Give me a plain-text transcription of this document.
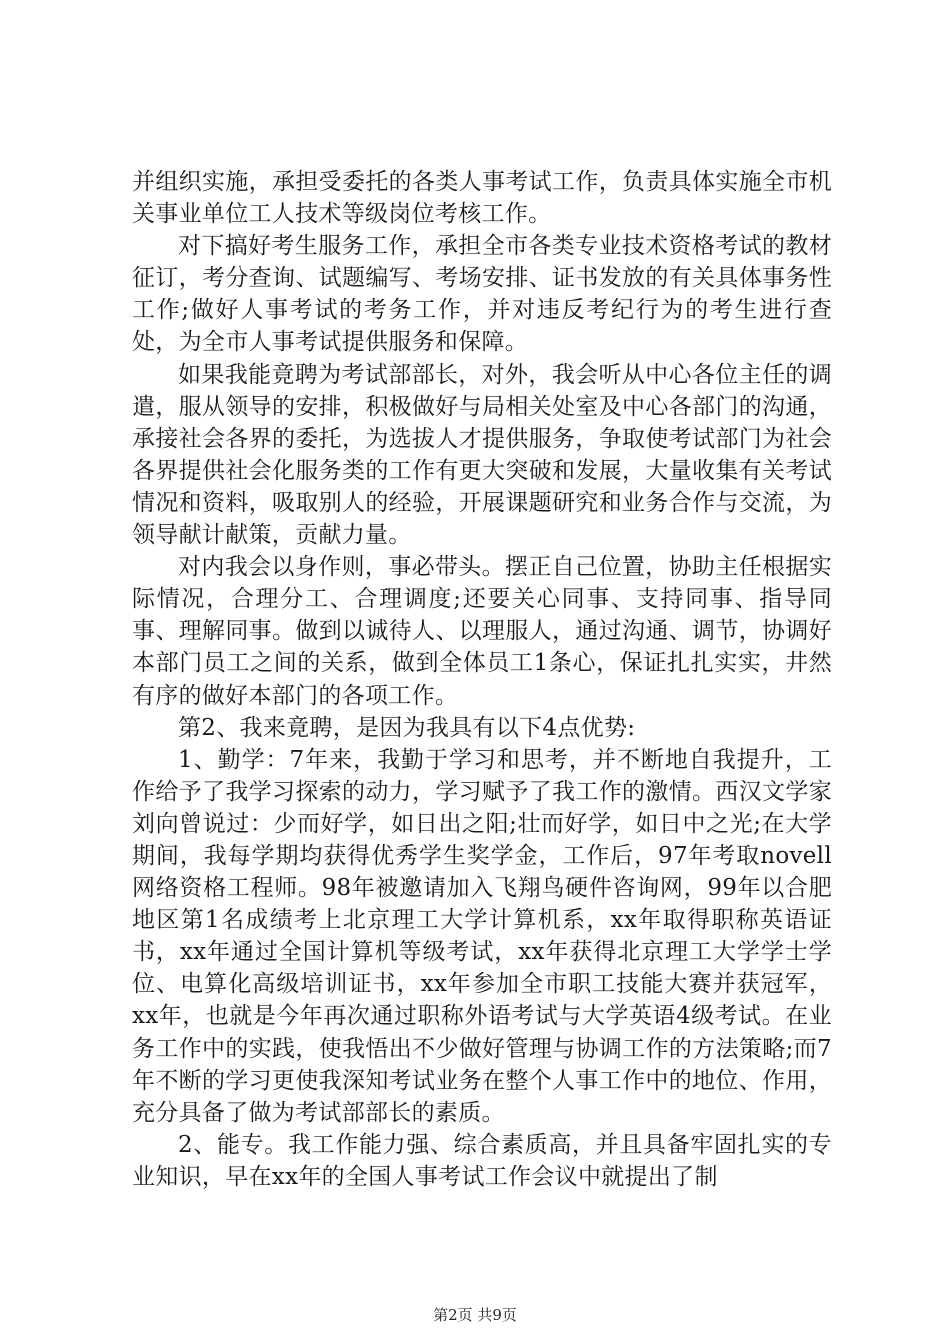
并组织实施，承担受委托的各类人事考试工作，负责具体实施全市机关事业单位工人技术等级岗位考核工作。

对下搞好考生服务工作，承担全市各类专业技术资格考试的教材征订，考分查询、试题编写、考场安排、证书发放的有关具体事务性工作;做好人事考试的考务工作，并对违反考纪行为的考生进行查处，为全市人事考试提供服务和保障。

如果我能竟聘为考试部部长，对外，我会听从中心各位主任的调遣，服从领导的安排，积极做好与局相关处室及中心各部门的沟通，承接社会各界的委托，为选拔人才提供服务，争取使考试部门为社会各界提供社会化服务类的工作有更大突破和发展，大量收集有关考试情况和资料，吸取别人的经验，开展课题研究和业务合作与交流，为领导献计献策，贡献力量。

对内我会以身作则，事必带头。摆正自己位置，协助主任根据实际情况，合理分工、合理调度;还要关心同事、支持同事、指导同事、理解同事。做到以诚待人、以理服人，通过沟通、调节，协调好本部门员工之间的关系，做到全体员工1条心，保证扎扎实实，井然有序的做好本部门的各项工作。

第2、我来竟聘，是因为我具有以下4点优势:

1、勤学：7年来，我勤于学习和思考，并不断地自我提升，工作给予了我学习探索的动力，学习赋予了我工作的激情。西汉文学家刘向曾说过：少而好学，如日出之阳;壮而好学，如日中之光;在大学期间，我每学期均获得优秀学生奖学金，工作后，97年考取novell网络资格工程师。98年被邀请加入飞翔鸟硬件咨询网，99年以合肥地区第1名成绩考上北京理工大学计算机系，xx年取得职称英语证书，xx年通过全国计算机等级考试，xx年获得北京理工大学学士学位、电算化高级培训证书，xx年参加全市职工技能大赛并获冠军，xx年，也就是今年再次通过职称外语考试与大学英语4级考试。在业务工作中的实践，使我悟出不少做好管理与协调工作的方法策略;而7年不断的学习更使我深知考试业务在整个人事工作中的地位、作用，充分具备了做为考试部部长的素质。

2、能专。我工作能力强、综合素质高，并且具备牢固扎实的专业知识，早在xx年的全国人事考试工作会议中就提出了制

第2页 共9页
